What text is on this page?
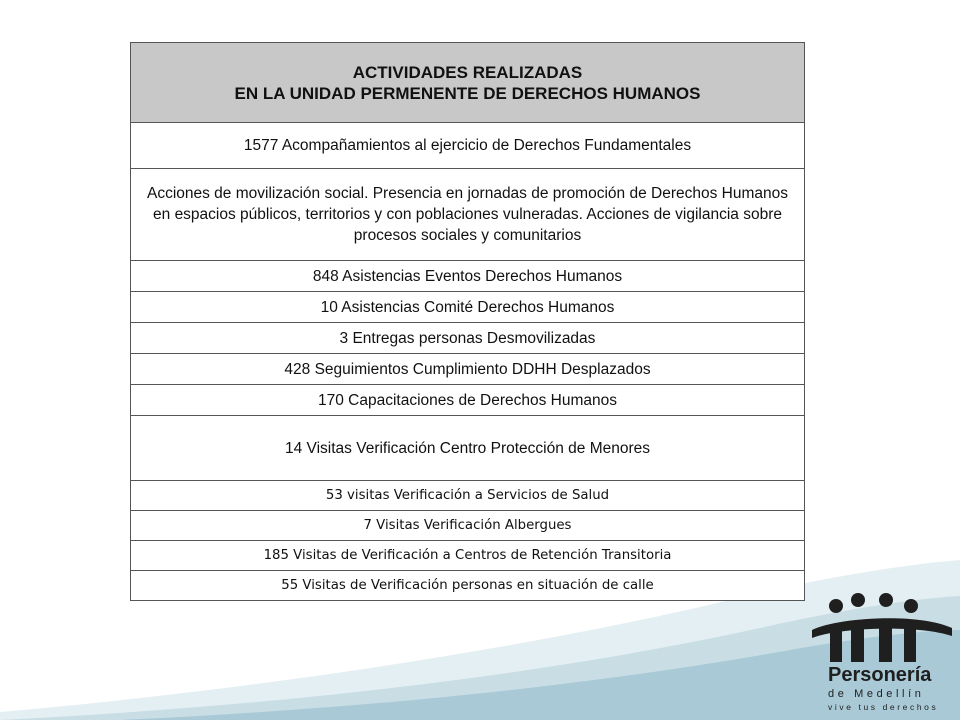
ACTIVIDADES REALIZADAS
EN LA UNIDAD PERMENENTE DE DERECHOS HUMANOS

1577 Acompañamientos al ejercicio de Derechos Fundamentales
Acciones de movilización social. Presencia en jornadas de promoción de Derechos Humanos en espacios públicos, territorios y con poblaciones vulneradas. Acciones de vigilancia sobre procesos sociales y comunitarios
848 Asistencias Eventos Derechos Humanos
10 Asistencias Comité Derechos Humanos
3 Entregas personas Desmovilizadas
428 Seguimientos Cumplimiento DDHH Desplazados
170 Capacitaciones de Derechos Humanos
14 Visitas Verificación Centro Protección de Menores
53 visitas Verificación a Servicios de Salud
7 Visitas Verificación Albergues
185 Visitas de Verificación a Centros de Retención Transitoria
55 Visitas de Verificación personas en situación de calle
Personería
de Medellín
vive tus derechos
